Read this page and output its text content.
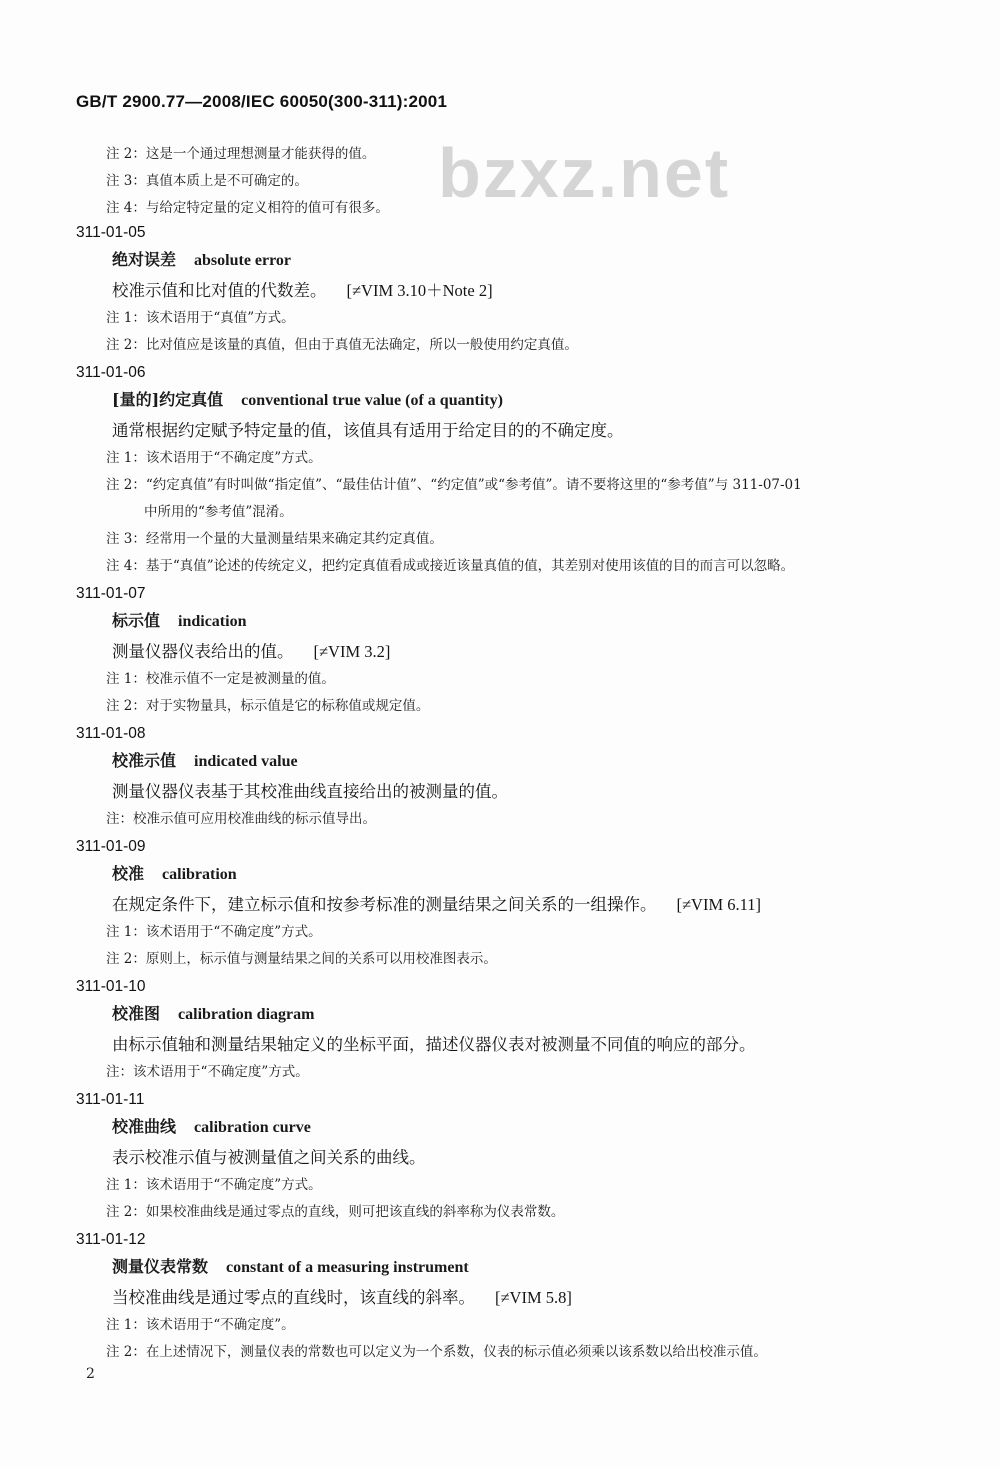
GB/T 2900.77—2008/IEC 60050(300-311):2001
bzxz.net
注 2：这是一个通过理想测量才能获得的值。
注 3：真值本质上是不可确定的。
注 4：与给定特定量的定义相符的值可有很多。
311-01-05
绝对误差 absolute error
校准示值和比对值的代数差。 [≠VIM 3.10＋Note 2]
注 1：该术语用于“真值”方式。
注 2：比对值应是该量的真值，但由于真值无法确定，所以一般使用约定真值。
311-01-06
[量的]约定真值 conventional true value (of a quantity)
通常根据约定赋予特定量的值，该值具有适用于给定目的的不确定度。
注 1：该术语用于“不确定度”方式。
注 2：“约定真值”有时叫做“指定值”、“最佳估计值”、“约定值”或“参考值”。请不要将这里的“参考值”与 311-07-01
中所用的“参考值”混淆。
注 3：经常用一个量的大量测量结果来确定其约定真值。
注 4：基于“真值”论述的传统定义，把约定真值看成或接近该量真值的值，其差别对使用该值的目的而言可以忽略。
311-01-07
标示值 indication
测量仪器仪表给出的值。 [≠VIM 3.2]
注 1：校准示值不一定是被测量的值。
注 2：对于实物量具，标示值是它的标称值或规定值。
311-01-08
校准示值 indicated value
测量仪器仪表基于其校准曲线直接给出的被测量的值。
注：校准示值可应用校准曲线的标示值导出。
311-01-09
校准 calibration
在规定条件下，建立标示值和按参考标准的测量结果之间关系的一组操作。 [≠VIM 6.11]
注 1：该术语用于“不确定度”方式。
注 2：原则上，标示值与测量结果之间的关系可以用校准图表示。
311-01-10
校准图 calibration diagram
由标示值轴和测量结果轴定义的坐标平面，描述仪器仪表对被测量不同值的响应的部分。
注：该术语用于“不确定度”方式。
311-01-11
校准曲线 calibration curve
表示校准示值与被测量值之间关系的曲线。
注 1：该术语用于“不确定度”方式。
注 2：如果校准曲线是通过零点的直线，则可把该直线的斜率称为仪表常数。
311-01-12
测量仪表常数 constant of a measuring instrument
当校准曲线是通过零点的直线时，该直线的斜率。 [≠VIM 5.8]
注 1：该术语用于“不确定度”。
注 2：在上述情况下，测量仪表的常数也可以定义为一个系数，仪表的标示值必须乘以该系数以给出校准示值。
2
